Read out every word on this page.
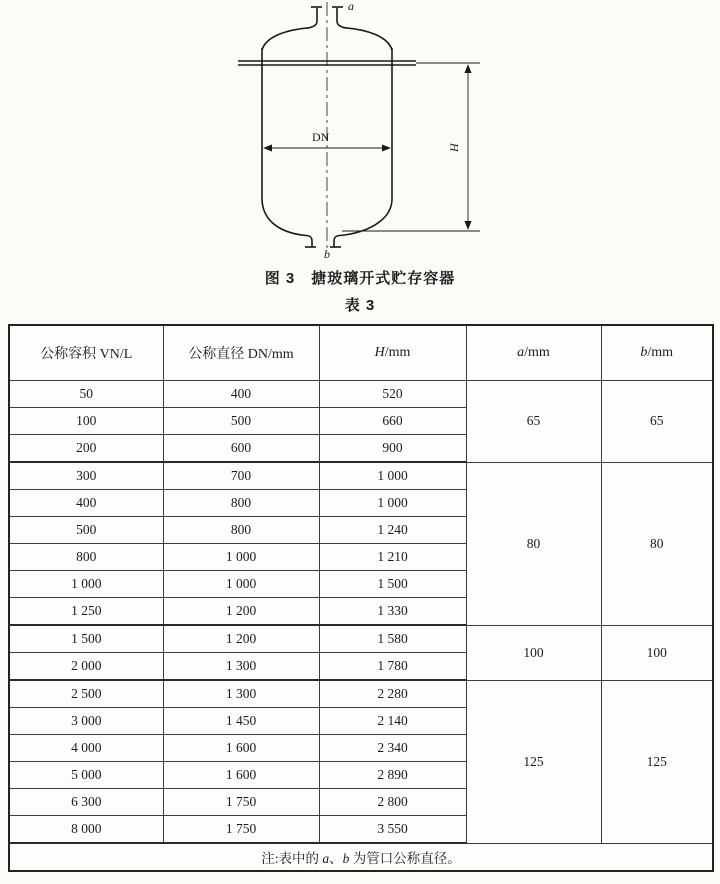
a
b
DN
H
图 3　搪玻璃开式贮存容器
表 3
公称容积 VN/L	公称直径 DN/mm	H/mm	a/mm	b/mm
50	400	520	65	65
100	500	660		
200	600	900		
300	700	1 000	80	80
400	800	1 000		
500	800	1 240		
800	1 000	1 210		
1 000	1 000	1 500		
1 250	1 200	1 330		
1 500	1 200	1 580	100	100
2 000	1 300	1 780		
2 500	1 300	2 280	125	125
3 000	1 450	2 140		
4 000	1 600	2 340		
5 000	1 600	2 890		
6 300	1 750	2 800		
8 000	1 750	3 550		
注:表中的 a、b 为管口公称直径。				
